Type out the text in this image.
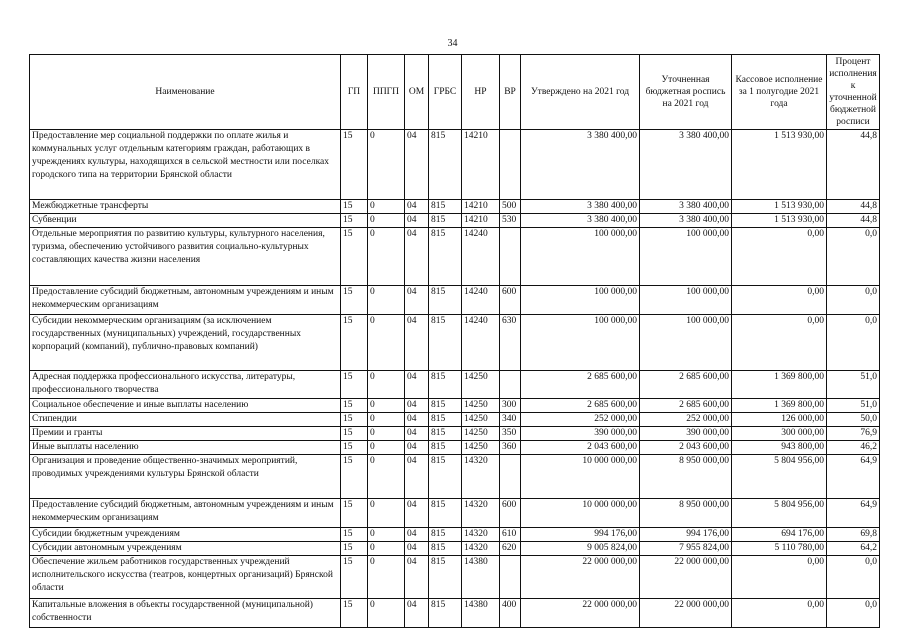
34
Наименование	ГП	ППГП	ОМ	ГРБС	НР	ВР	Утверждено на 2021 год	Уточненная бюджетная роспись на 2021 год	Кассовое исполнение за 1 полугодие 2021 года	Процент исполнения к уточненной бюджетной росписи
Предоставление мер социальной поддержки по оплате жилья и коммунальных услуг отдельным категориям граждан, работающих в учреждениях культуры, находящихся в сельской местности или поселках городского типа на территории Брянской области	15	0	04	815	14210		3 380 400,00	3 380 400,00	1 513 930,00	44,8
Межбюджетные трансферты	15	0	04	815	14210	500	3 380 400,00	3 380 400,00	1 513 930,00	44,8
Субвенции	15	0	04	815	14210	530	3 380 400,00	3 380 400,00	1 513 930,00	44,8
Отдельные мероприятия по развитию культуры, культурного населения, туризма, обеспечению устойчивого развития социально-культурных составляющих качества жизни населения	15	0	04	815	14240		100 000,00	100 000,00	0,00	0,0
Предоставление субсидий бюджетным, автономным учреждениям и иным некоммерческим организациям	15	0	04	815	14240	600	100 000,00	100 000,00	0,00	0,0
Субсидии некоммерческим организациям (за исключением государственных (муниципальных) учреждений, государственных корпораций (компаний), публично-правовых компаний)	15	0	04	815	14240	630	100 000,00	100 000,00	0,00	0,0
Адресная поддержка профессионального искусства, литературы, профессионального творчества	15	0	04	815	14250		2 685 600,00	2 685 600,00	1 369 800,00	51,0
Социальное обеспечение и иные выплаты населению	15	0	04	815	14250	300	2 685 600,00	2 685 600,00	1 369 800,00	51,0
Стипендии	15	0	04	815	14250	340	252 000,00	252 000,00	126 000,00	50,0
Премии и гранты	15	0	04	815	14250	350	390 000,00	390 000,00	300 000,00	76,9
Иные выплаты населению	15	0	04	815	14250	360	2 043 600,00	2 043 600,00	943 800,00	46,2
Организация и проведение общественно-значимых мероприятий, проводимых учреждениями культуры Брянской области	15	0	04	815	14320		10 000 000,00	8 950 000,00	5 804 956,00	64,9
Предоставление субсидий бюджетным, автономным учреждениям и иным некоммерческим организациям	15	0	04	815	14320	600	10 000 000,00	8 950 000,00	5 804 956,00	64,9
Субсидии бюджетным учреждениям	15	0	04	815	14320	610	994 176,00	994 176,00	694 176,00	69,8
Субсидии автономным учреждениям	15	0	04	815	14320	620	9 005 824,00	7 955 824,00	5 110 780,00	64,2
Обеспечение жильем работников государственных учреждений исполнительского искусства (театров, концертных организаций) Брянской области	15	0	04	815	14380		22 000 000,00	22 000 000,00	0,00	0,0
Капитальные вложения в объекты государственной (муниципальной) собственности	15	0	04	815	14380	400	22 000 000,00	22 000 000,00	0,00	0,0
